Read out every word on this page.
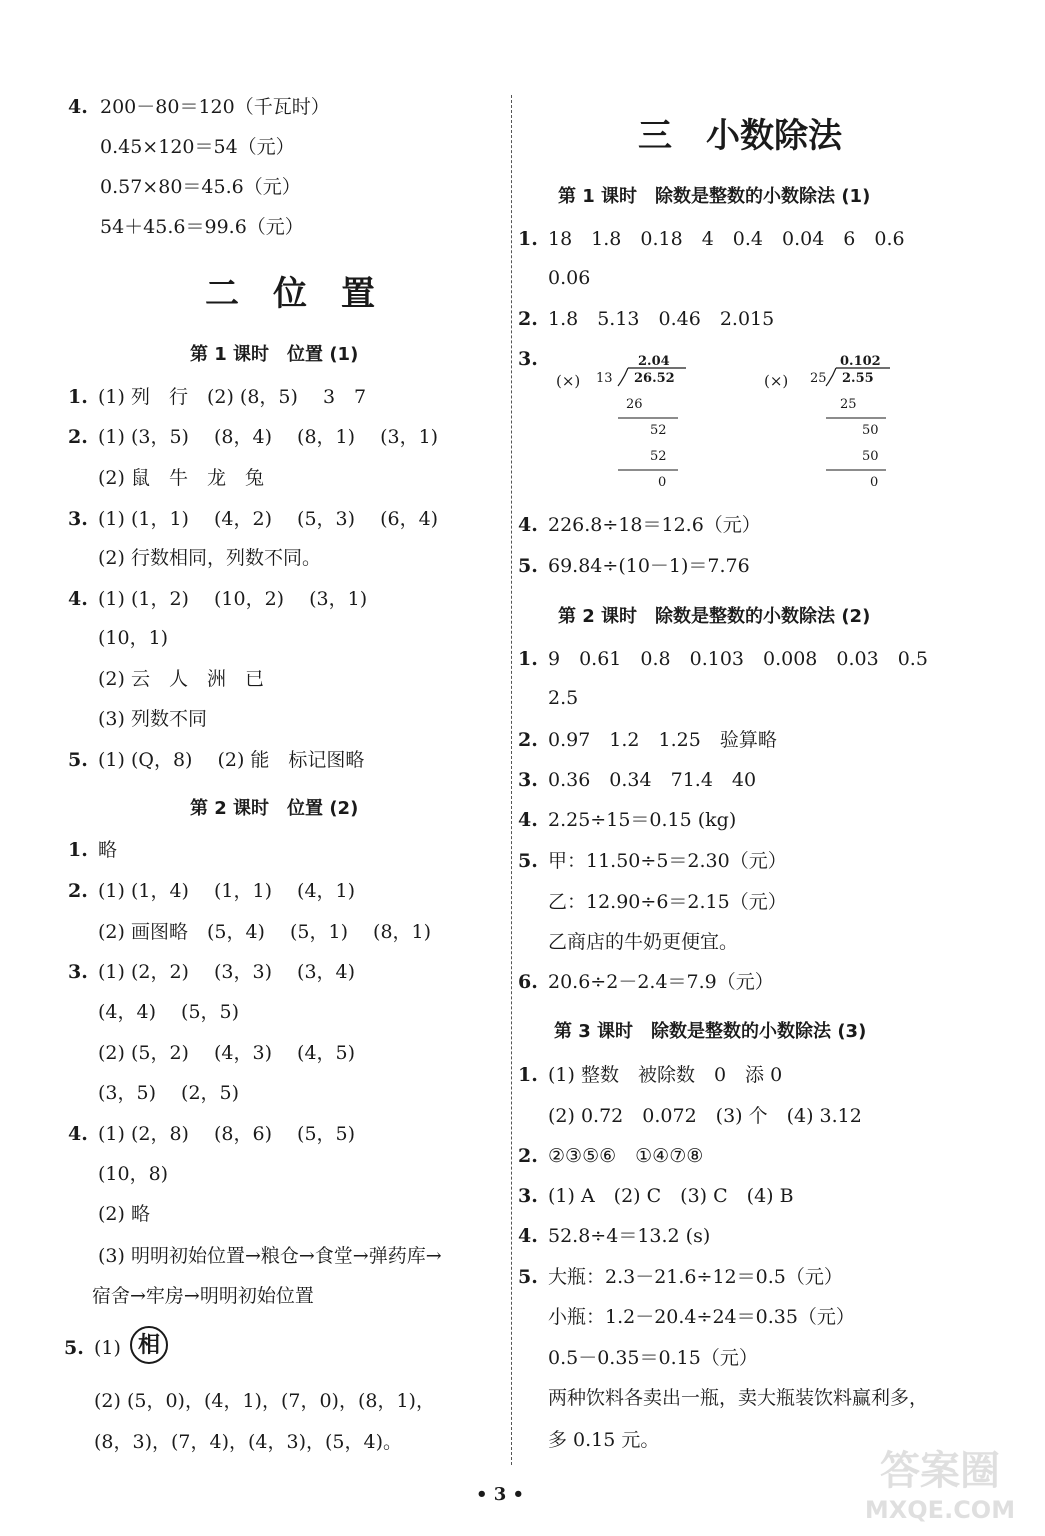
4. 200－80＝120（千瓦时）
0.45×120＝54（元）
0.57×80＝45.6（元）
54＋45.6＝99.6（元）
二　位　置
第 1 课时　位置 (1)
1. (1) 列　行　(2) (8，5)　 3　7
2. (1) (3，5)　 (8，4)　 (8，1)　 (3，1)
(2) 鼠　牛　龙　兔
3. (1) (1，1)　 (4，2)　 (5，3)　 (6，4)
(2) 行数相同，列数不同。
4. (1) (1，2)　 (10，2)　 (3，1)
(10，1)
(2) 云　人　洲　已
(3) 列数不同
5. (1) (Q，8)　 (2) 能　标记图略
第 2 课时　位置 (2)
1. 略
2. (1) (1，4)　 (1，1)　 (4，1)
(2) 画图略　(5，4)　 (5，1)　 (8，1)
3. (1) (2，2)　 (3，3)　 (3，4)
(4，4)　 (5，5)
(2) (5，2)　 (4，3)　 (4，5)
(3，5)　 (2，5)
4. (1) (2，8)　 (8，6)　 (5，5)
(10，8)
(2) 略
(3) 明明初始位置→粮仓→食堂→弹药库→
宿舍→牢房→明明初始位置
5. (1) 相
(2) (5，0)，(4，1)，(7，0)，(8，1)，
(8，3)，(7，4)，(4，3)，(5，4)。
三　小数除法
第 1 课时　除数是整数的小数除法 (1)
1. 18　1.8　0.18　4　0.4　0.04　6　0.6
0.06
2. 1.8　5.13　0.46　2.015
3.
(×)
2.04
13 26.52
26
52
52
0
(×)
0.102
25 2.55
25
50
50
0
4. 226.8÷18＝12.6（元）
5. 69.84÷(10－1)＝7.76
第 2 课时　除数是整数的小数除法 (2)
1. 9　0.61　0.8　0.103　0.008　0.03　0.5
2.5
2. 0.97　1.2　1.25　验算略
3. 0.36　0.34　71.4　40
4. 2.25÷15＝0.15 (kg)
5. 甲：11.50÷5＝2.30（元）
乙：12.90÷6＝2.15（元）
乙商店的牛奶更便宜。
6. 20.6÷2－2.4＝7.9（元）
第 3 课时　除数是整数的小数除法 (3)
1. (1) 整数　被除数　0　添 0
(2) 0.72　0.072　(3) 个　(4) 3.12
2. ②③⑤⑥　①④⑦⑧
3. (1) A　(2) C　(3) C　(4) B
4. 52.8÷4＝13.2 (s)
5. 大瓶：2.3－21.6÷12＝0.5（元）
小瓶：1.2－20.4÷24＝0.35（元）
0.5－0.35＝0.15（元）
两种饮料各卖出一瓶，卖大瓶装饮料赢利多，
多 0.15 元。
• 3 •
答案圈
MXQE.COM
